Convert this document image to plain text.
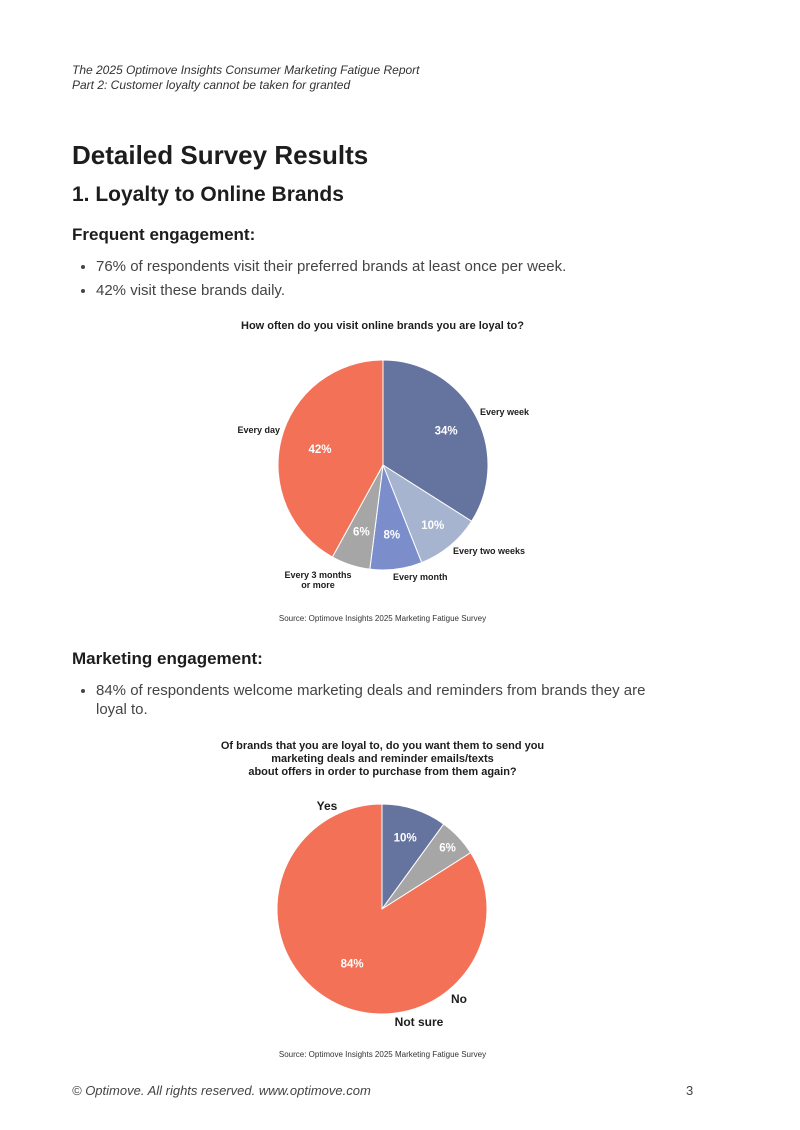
The 2025 Optimove Insights Consumer Marketing Fatigue Report
Part 2: Customer loyalty cannot be taken for granted
Detailed Survey Results
1. Loyalty to Online Brands
Frequent engagement:
• 76% of respondents visit their preferred brands at least once per week.
• 42% visit these brands daily.
How often do you visit online brands you are loyal to?
34%
Every week
10%
Every two weeks
8%
Every month
6%
Every 3 months or more
42%
Every day
Source: Optimove Insights 2025 Marketing Fatigue Survey
Marketing engagement:
• 84% of respondents welcome marketing deals and reminders from brands they are loyal to.
Of brands that you are loyal to, do you want them to send you
marketing deals and reminder emails/texts
about offers in order to purchase from them again?
10%
No
6%
Not sure
84%
Yes
Source: Optimove Insights 2025 Marketing Fatigue Survey
© Optimove. All rights reserved. www.optimove.com	3
